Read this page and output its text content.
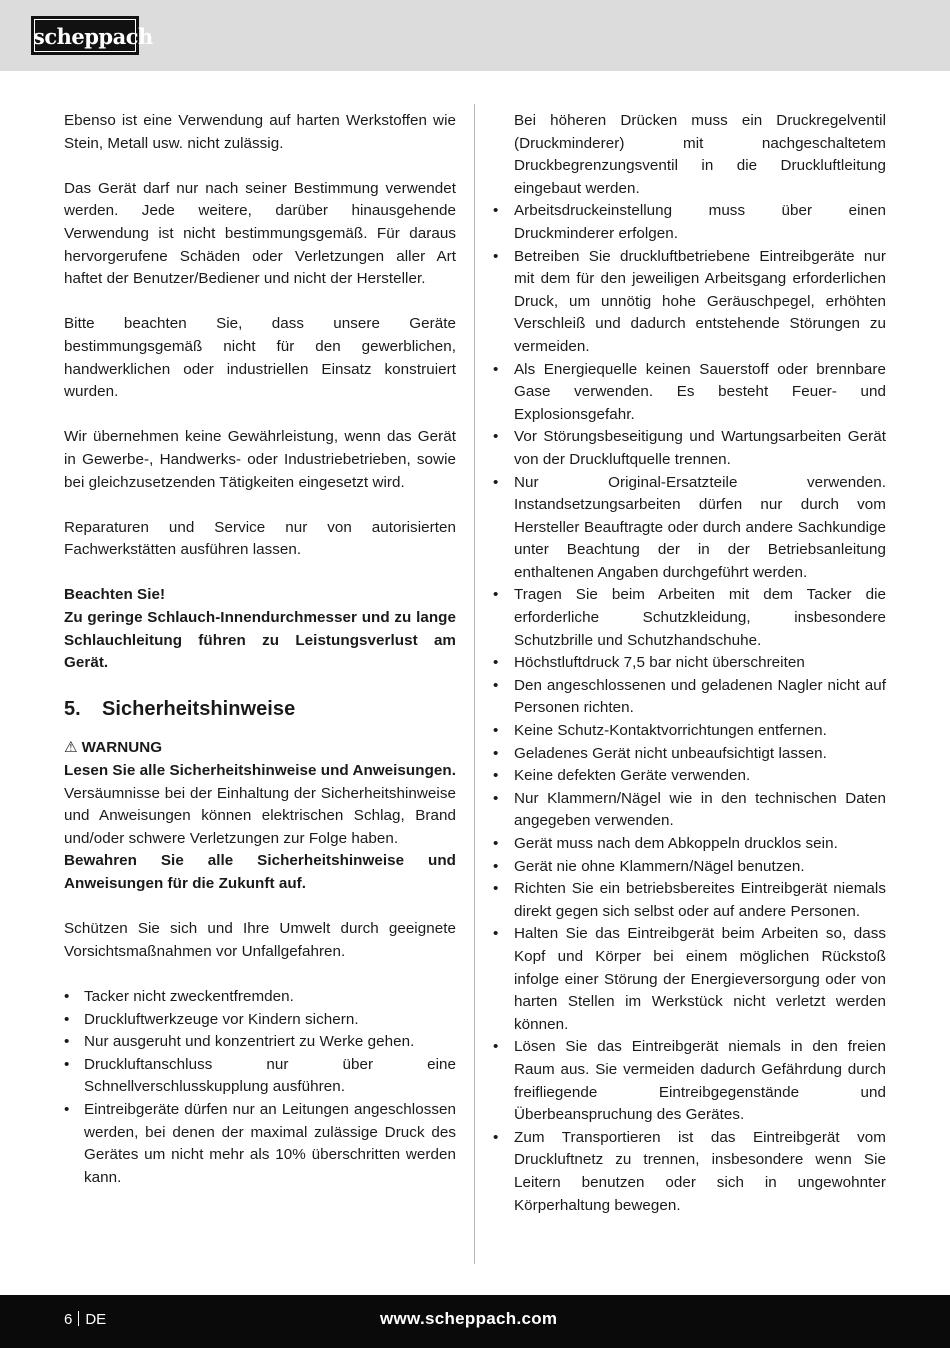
scheppach

Ebenso ist eine Verwendung auf harten Werkstoffen wie Stein, Metall usw. nicht zulässig.

Das Gerät darf nur nach seiner Bestimmung verwendet werden. Jede weitere, darüber hinausgehende Verwendung ist nicht bestimmungsgemäß. Für daraus hervorgerufene Schäden oder Verletzungen aller Art haftet der Benutzer/Bediener und nicht der Hersteller.

Bitte beachten Sie, dass unsere Geräte bestimmungsgemäß nicht für den gewerblichen, handwerklichen oder industriellen Einsatz konstruiert wurden.

Wir übernehmen keine Gewährleistung, wenn das Gerät in Gewerbe-, Handwerks- oder Industriebetrieben, sowie bei gleichzusetzenden Tätigkeiten eingesetzt wird.

Reparaturen und Service nur von autorisierten Fachwerkstätten ausführen lassen.

Beachten Sie!

Zu geringe Schlauch-Innendurchmesser und zu lange Schlauchleitung führen zu Leistungsverlust am Gerät.

5. Sicherheitshinweise

⚠ WARNUNG

Lesen Sie alle Sicherheitshinweise und Anweisungen. Versäumnisse bei der Einhaltung der Sicherheitshinweise und Anweisungen können elektrischen Schlag, Brand und/oder schwere Verletzungen zur Folge haben.

Bewahren Sie alle Sicherheitshinweise und Anweisungen für die Zukunft auf.

Schützen Sie sich und Ihre Umwelt durch geeignete Vorsichtsmaßnahmen vor Unfallgefahren.

• Tacker nicht zweckentfremden.
• Druckluftwerkzeuge vor Kindern sichern.
• Nur ausgeruht und konzentriert zu Werke gehen.
• Druckluftanschluss nur über eine Schnellverschlusskupplung ausführen.
• Eintreibgeräte dürfen nur an Leitungen angeschlossen werden, bei denen der maximal zulässige Druck des Gerätes um nicht mehr als 10% überschritten werden kann.

Bei höheren Drücken muss ein Druckregelventil (Druckminderer) mit nachgeschaltetem Druckbegrenzungsventil in die Druckluftleitung eingebaut werden.

• Arbeitsdruckeinstellung muss über einen Druckminderer erfolgen.
• Betreiben Sie druckluftbetriebene Eintreibgeräte nur mit dem für den jeweiligen Arbeitsgang erforderlichen Druck, um unnötig hohe Geräuschpegel, erhöhten Verschleiß und dadurch entstehende Störungen zu vermeiden.
• Als Energiequelle keinen Sauerstoff oder brennbare Gase verwenden. Es besteht Feuer- und Explosionsgefahr.
• Vor Störungsbeseitigung und Wartungsarbeiten Gerät von der Druckluftquelle trennen.
• Nur Original-Ersatzteile verwenden. Instandsetzungsarbeiten dürfen nur durch vom Hersteller Beauftragte oder durch andere Sachkundige unter Beachtung der in der Betriebsanleitung enthaltenen Angaben durchgeführt werden.
• Tragen Sie beim Arbeiten mit dem Tacker die erforderliche Schutzkleidung, insbesondere Schutzbrille und Schutzhandschuhe.
• Höchstluftdruck 7,5 bar nicht überschreiten
• Den angeschlossenen und geladenen Nagler nicht auf Personen richten.
• Keine Schutz-Kontaktvorrichtungen entfernen.
• Geladenes Gerät nicht unbeaufsichtigt lassen.
• Keine defekten Geräte verwenden.
• Nur Klammern/Nägel wie in den technischen Daten angegeben verwenden.
• Gerät muss nach dem Abkoppeln drucklos sein.
• Gerät nie ohne Klammern/Nägel benutzen.
• Richten Sie ein betriebsbereites Eintreibgerät niemals direkt gegen sich selbst oder auf andere Personen.
• Halten Sie das Eintreibgerät beim Arbeiten so, dass Kopf und Körper bei einem möglichen Rückstoß infolge einer Störung der Energieversorgung oder von harten Stellen im Werkstück nicht verletzt werden können.
• Lösen Sie das Eintreibgerät niemals in den freien Raum aus. Sie vermeiden dadurch Gefährdung durch freifliegende Eintreibgegenstände und Überbeanspruchung des Gerätes.
• Zum Transportieren ist das Eintreibgerät vom Druckluftnetz zu trennen, insbesondere wenn Sie Leitern benutzen oder sich in ungewohnter Körperhaltung bewegen.
6 DE	www.scheppach.com
